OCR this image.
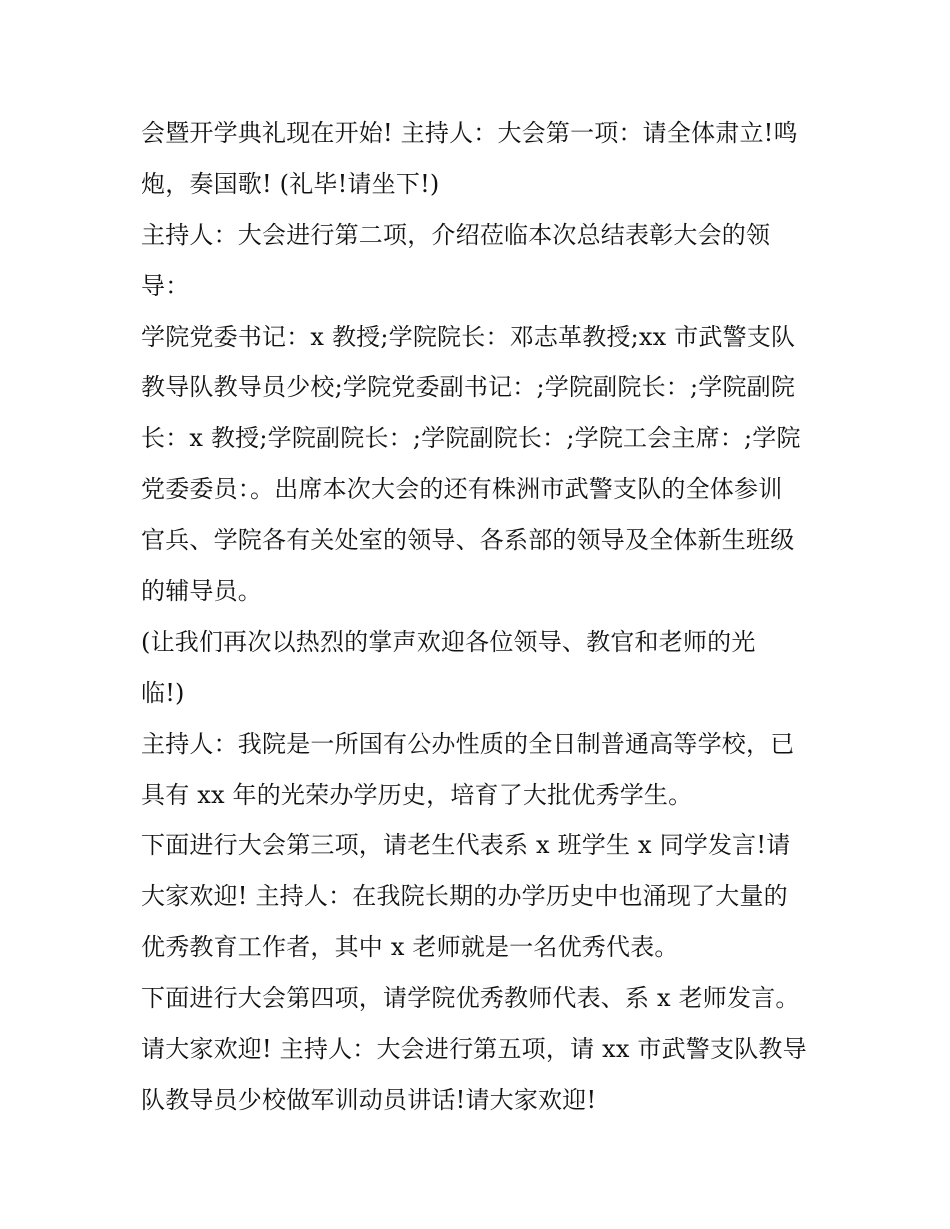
会暨开学典礼现在开始! 主持人：大会第一项：请全体肃立!鸣
炮，奏国歌! (礼毕!请坐下!)
主持人：大会进行第二项，介绍莅临本次总结表彰大会的领
导：
学院党委书记：x 教授;学院院长：邓志革教授;xx 市武警支队
教导队教导员少校;学院党委副书记：;学院副院长：;学院副院
长：x 教授;学院副院长：;学院副院长：;学院工会主席：;学院
党委委员：。出席本次大会的还有株洲市武警支队的全体参训
官兵、学院各有关处室的领导、各系部的领导及全体新生班级
的辅导员。
(让我们再次以热烈的掌声欢迎各位领导、教官和老师的光
临!)
主持人：我院是一所国有公办性质的全日制普通高等学校，已
具有 xx 年的光荣办学历史，培育了大批优秀学生。
下面进行大会第三项，请老生代表系 x 班学生 x 同学发言!请
大家欢迎! 主持人：在我院长期的办学历史中也涌现了大量的
优秀教育工作者，其中 x 老师就是一名优秀代表。
下面进行大会第四项，请学院优秀教师代表、系 x 老师发言。
请大家欢迎! 主持人：大会进行第五项，请 xx 市武警支队教导
队教导员少校做军训动员讲话!请大家欢迎!
